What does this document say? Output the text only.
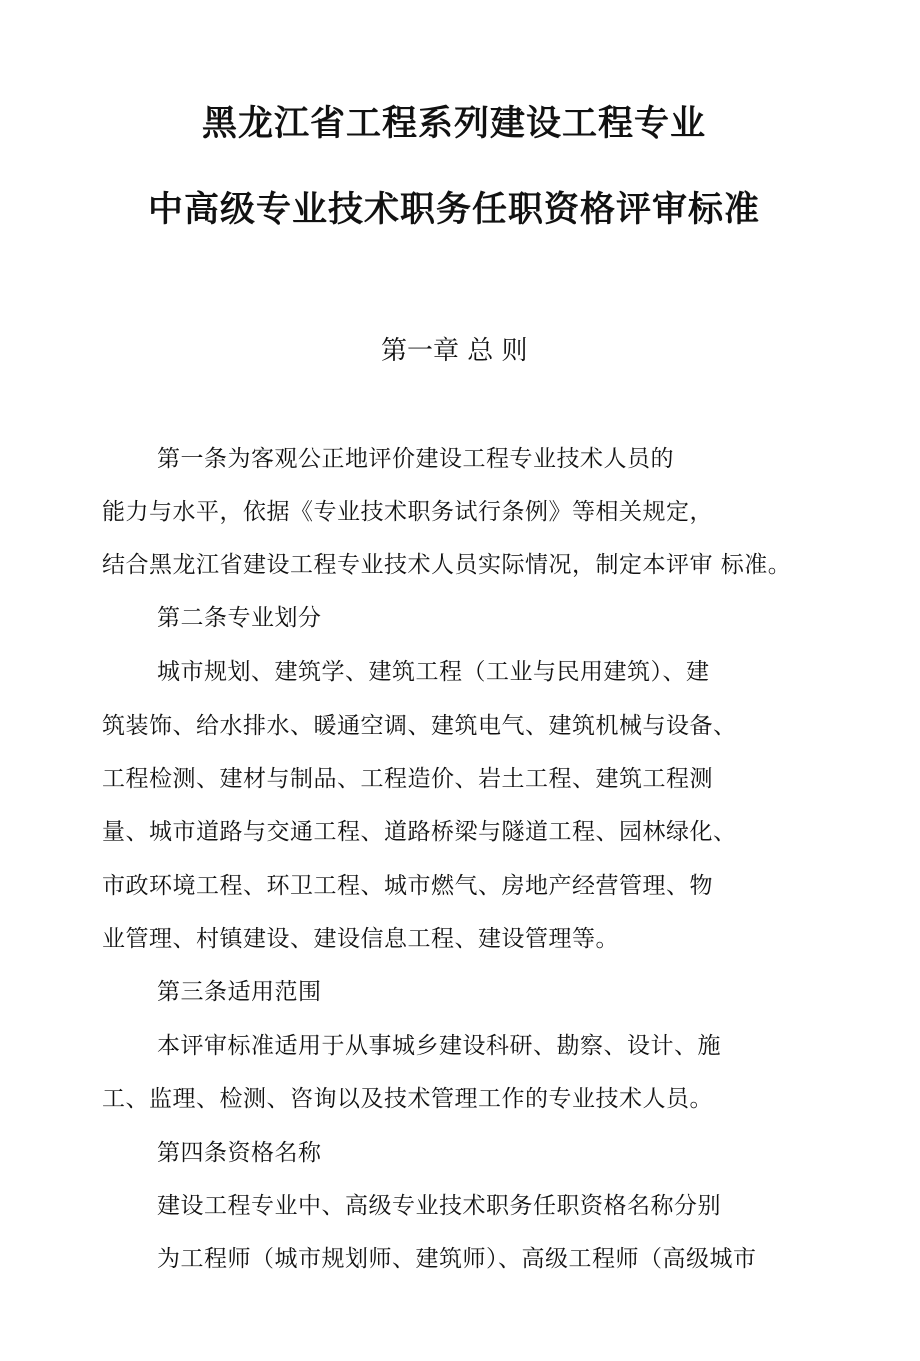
黑龙江省工程系列建设工程专业
中高级专业技术职务任职资格评审标准
第一章 总 则

第一条为客观公正地评价建设工程专业技术人员的

能力与水平，依据《专业技术职务试行条例》等相关规定，

结合黑龙江省建设工程专业技术人员实际情况，制定本评审 标准。

第二条专业划分

城市规划、建筑学、建筑工程（工业与民用建筑）、建

筑装饰、给水排水、暖通空调、建筑电气、建筑机械与设备、

工程检测、建材与制品、工程造价、岩土工程、建筑工程测

量、城市道路与交通工程、道路桥梁与隧道工程、园林绿化、

市政环境工程、环卫工程、城市燃气、房地产经营管理、物

业管理、村镇建设、建设信息工程、建设管理等。

第三条适用范围

本评审标准适用于从事城乡建设科研、勘察、设计、施

工、监理、检测、咨询以及技术管理工作的专业技术人员。

第四条资格名称

建设工程专业中、高级专业技术职务任职资格名称分别

为工程师（城市规划师、建筑师）、高级工程师（高级城市
